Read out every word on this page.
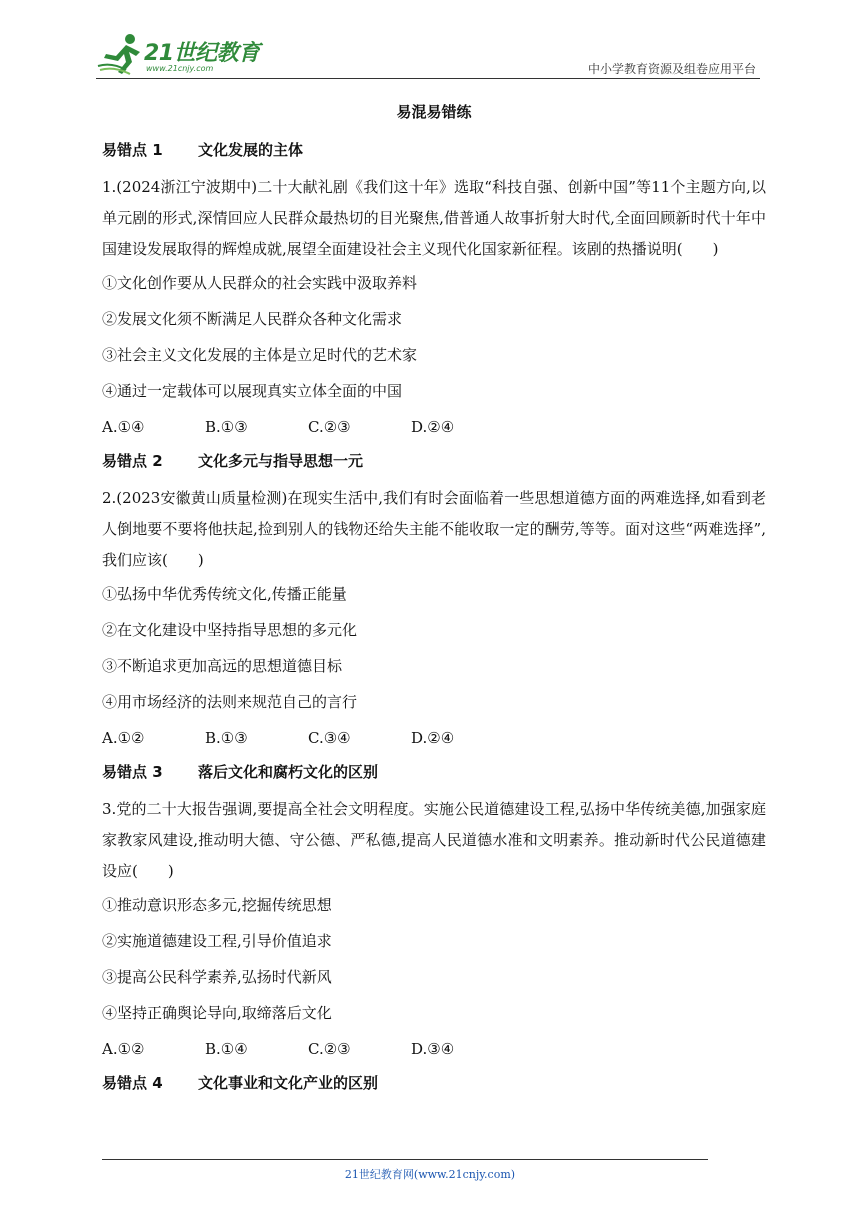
21世纪教育
www.21cnjy.com	中小学教育资源及组卷应用平台
易混易错练
易错点 1 文化发展的主体

1.(2024浙江宁波期中)二十大献礼剧《我们这十年》选取“科技自强、创新中国”等11个主题方向,以单元剧的形式,深情回应人民群众最热切的目光聚焦,借普通人故事折射大时代,全面回顾新时代十年中国建设发展取得的辉煌成就,展望全面建设社会主义现代化国家新征程。该剧的热播说明(　　)

①文化创作要从人民群众的社会实践中汲取养料

②发展文化须不断满足人民群众各种文化需求

③社会主义文化发展的主体是立足时代的艺术家

④通过一定载体可以展现真实立体全面的中国

A.①④	B.①③	C.②③	D.②④
易错点 2 文化多元与指导思想一元

2.(2023安徽黄山质量检测)在现实生活中,我们有时会面临着一些思想道德方面的两难选择,如看到老人倒地要不要将他扶起,捡到别人的钱物还给失主能不能收取一定的酬劳,等等。面对这些“两难选择”,我们应该(　　)

①弘扬中华优秀传统文化,传播正能量

②在文化建设中坚持指导思想的多元化

③不断追求更加高远的思想道德目标

④用市场经济的法则来规范自己的言行

A.①②	B.①③	C.③④	D.②④
易错点 3 落后文化和腐朽文化的区别

3.党的二十大报告强调,要提高全社会文明程度。实施公民道德建设工程,弘扬中华传统美德,加强家庭家教家风建设,推动明大德、守公德、严私德,提高人民道德水准和文明素养。推动新时代公民道德建设应(　　)

①推动意识形态多元,挖掘传统思想

②实施道德建设工程,引导价值追求

③提高公民科学素养,弘扬时代新风

④坚持正确舆论导向,取缔落后文化

A.①②	B.①④	C.②③	D.③④
易错点 4 文化事业和文化产业的区别
21世纪教育网(www.21cnjy.com)
